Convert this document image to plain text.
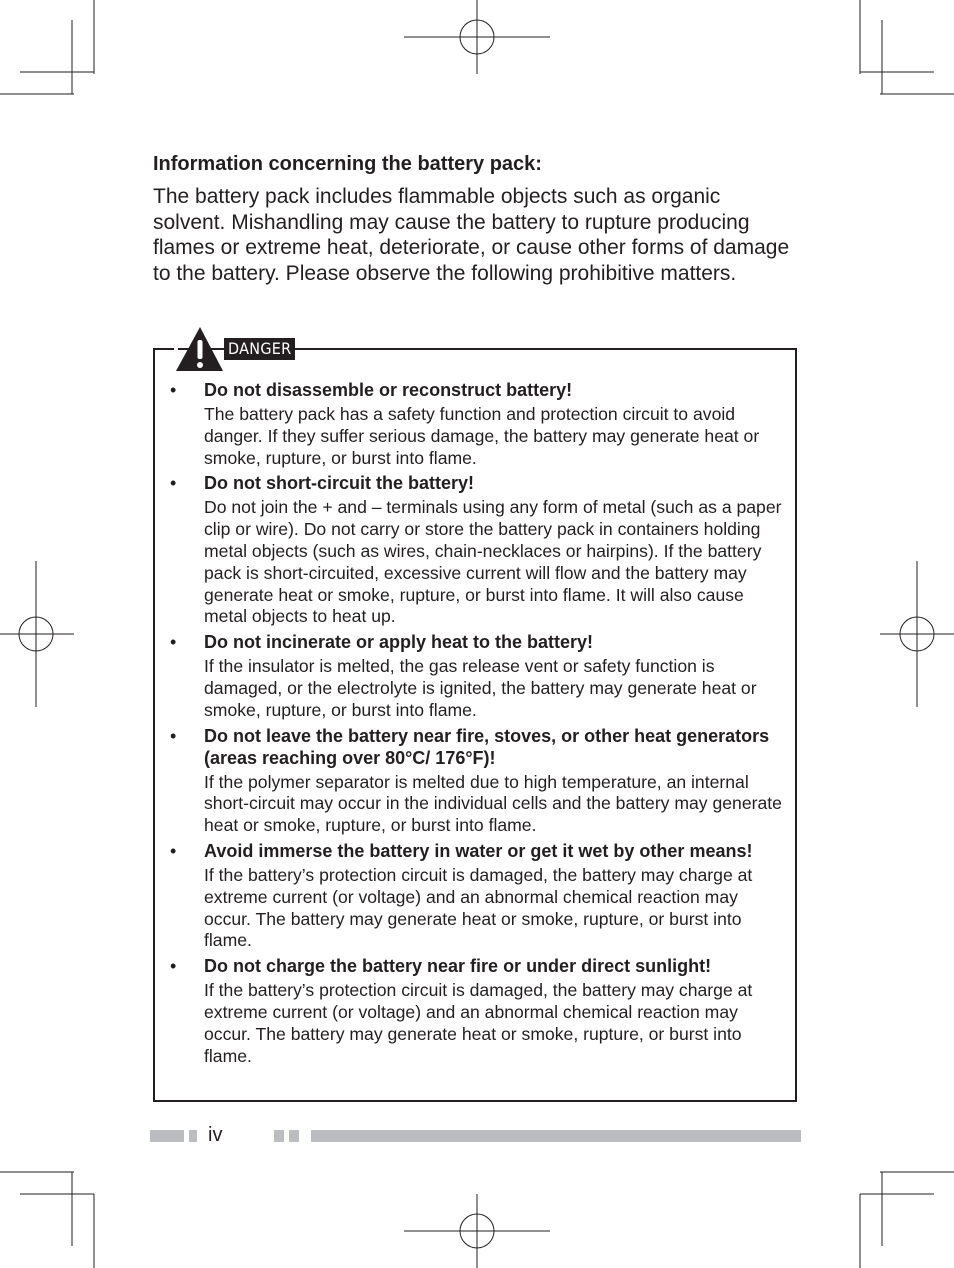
Information concerning the battery pack:

The battery pack includes flammable objects such as organic solvent. Mishandling may cause the battery to rupture producing flames or extreme heat, deteriorate, or cause other forms of damage to the battery. Please observe the following prohibitive matters.

DANGER
• Do not disassemble or reconstruct battery!

The battery pack has a safety function and protection circuit to avoid danger. If they suffer serious damage, the battery may generate heat or smoke, rupture, or burst into flame.

• Do not short-circuit the battery!

Do not join the + and – terminals using any form of metal (such as a paper clip or wire). Do not carry or store the battery pack in containers holding metal objects (such as wires, chain-necklaces or hairpins). If the battery pack is short-circuited, excessive current will flow and the battery may generate heat or smoke, rupture, or burst into flame. It will also cause metal objects to heat up.

• Do not incinerate or apply heat to the battery!

If the insulator is melted, the gas release vent or safety function is damaged, or the electrolyte is ignited, the battery may generate heat or smoke, rupture, or burst into flame.

• Do not leave the battery near fire, stoves, or other heat generators (areas reaching over 80°C/ 176°F)!

If the polymer separator is melted due to high temperature, an internal short-circuit may occur in the individual cells and the battery may generate heat or smoke, rupture, or burst into flame.

• Avoid immerse the battery in water or get it wet by other means!

If the battery’s protection circuit is damaged, the battery may charge at extreme current (or voltage) and an abnormal chemical reaction may occur. The battery may generate heat or smoke, rupture, or burst into flame.

• Do not charge the battery near fire or under direct sunlight!

If the battery’s protection circuit is damaged, the battery may charge at extreme current (or voltage) and an abnormal chemical reaction may occur. The battery may generate heat or smoke, rupture, or burst into flame.

iv
